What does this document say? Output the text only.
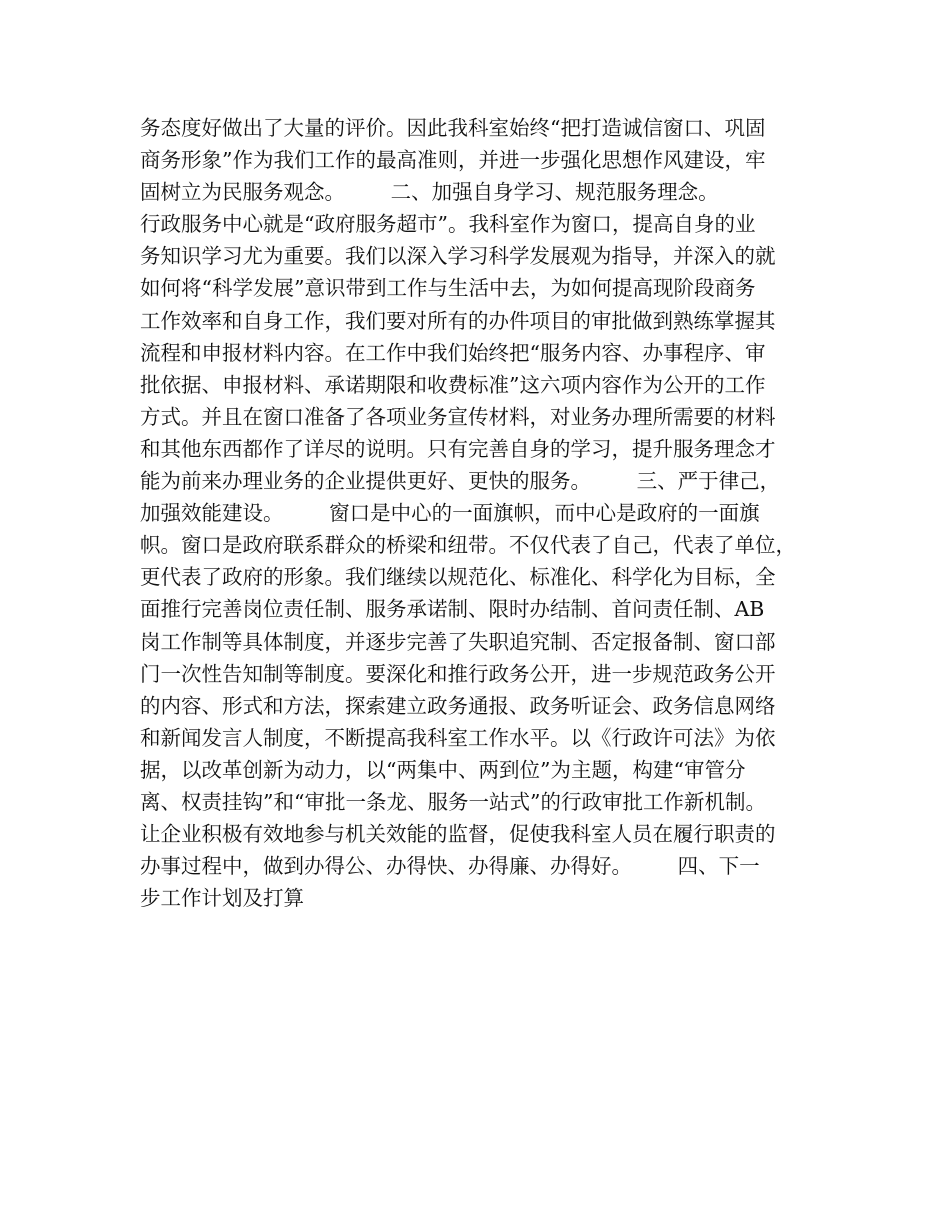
务态度好做出了大量的评价。因此我科室始终“把打造诚信窗口、巩固
商务形象”作为我们工作的最高准则，并进一步强化思想作风建设，牢
固树立为民服务观念。       二、加强自身学习、规范服务理念。
行政服务中心就是“政府服务超市”。我科室作为窗口，提高自身的业
务知识学习尤为重要。我们以深入学习科学发展观为指导，并深入的就
如何将“科学发展”意识带到工作与生活中去，为如何提高现阶段商务
工作效率和自身工作，我们要对所有的办件项目的审批做到熟练掌握其
流程和申报材料内容。在工作中我们始终把“服务内容、办事程序、审
批依据、申报材料、承诺期限和收费标准”这六项内容作为公开的工作
方式。并且在窗口准备了各项业务宣传材料，对业务办理所需要的材料
和其他东西都作了详尽的说明。只有完善自身的学习，提升服务理念才
能为前来办理业务的企业提供更好、更快的服务。       三、严于律己，
加强效能建设。       窗口是中心的一面旗帜，而中心是政府的一面旗
帜。窗口是政府联系群众的桥梁和纽带。不仅代表了自己，代表了单位，
更代表了政府的形象。我们继续以规范化、标准化、科学化为目标，全
面推行完善岗位责任制、服务承诺制、限时办结制、首问责任制、AB
岗工作制等具体制度，并逐步完善了失职追究制、否定报备制、窗口部
门一次性告知制等制度。要深化和推行政务公开，进一步规范政务公开
的内容、形式和方法，探索建立政务通报、政务听证会、政务信息网络
和新闻发言人制度，不断提高我科室工作水平。以《行政许可法》为依
据，以改革创新为动力，以“两集中、两到位”为主题，构建“审管分
离、权责挂钩”和“审批一条龙、服务一站式”的行政审批工作新机制。
让企业积极有效地参与机关效能的监督，促使我科室人员在履行职责的
办事过程中，做到办得公、办得快、办得廉、办得好。       四、下一
步工作计划及打算
